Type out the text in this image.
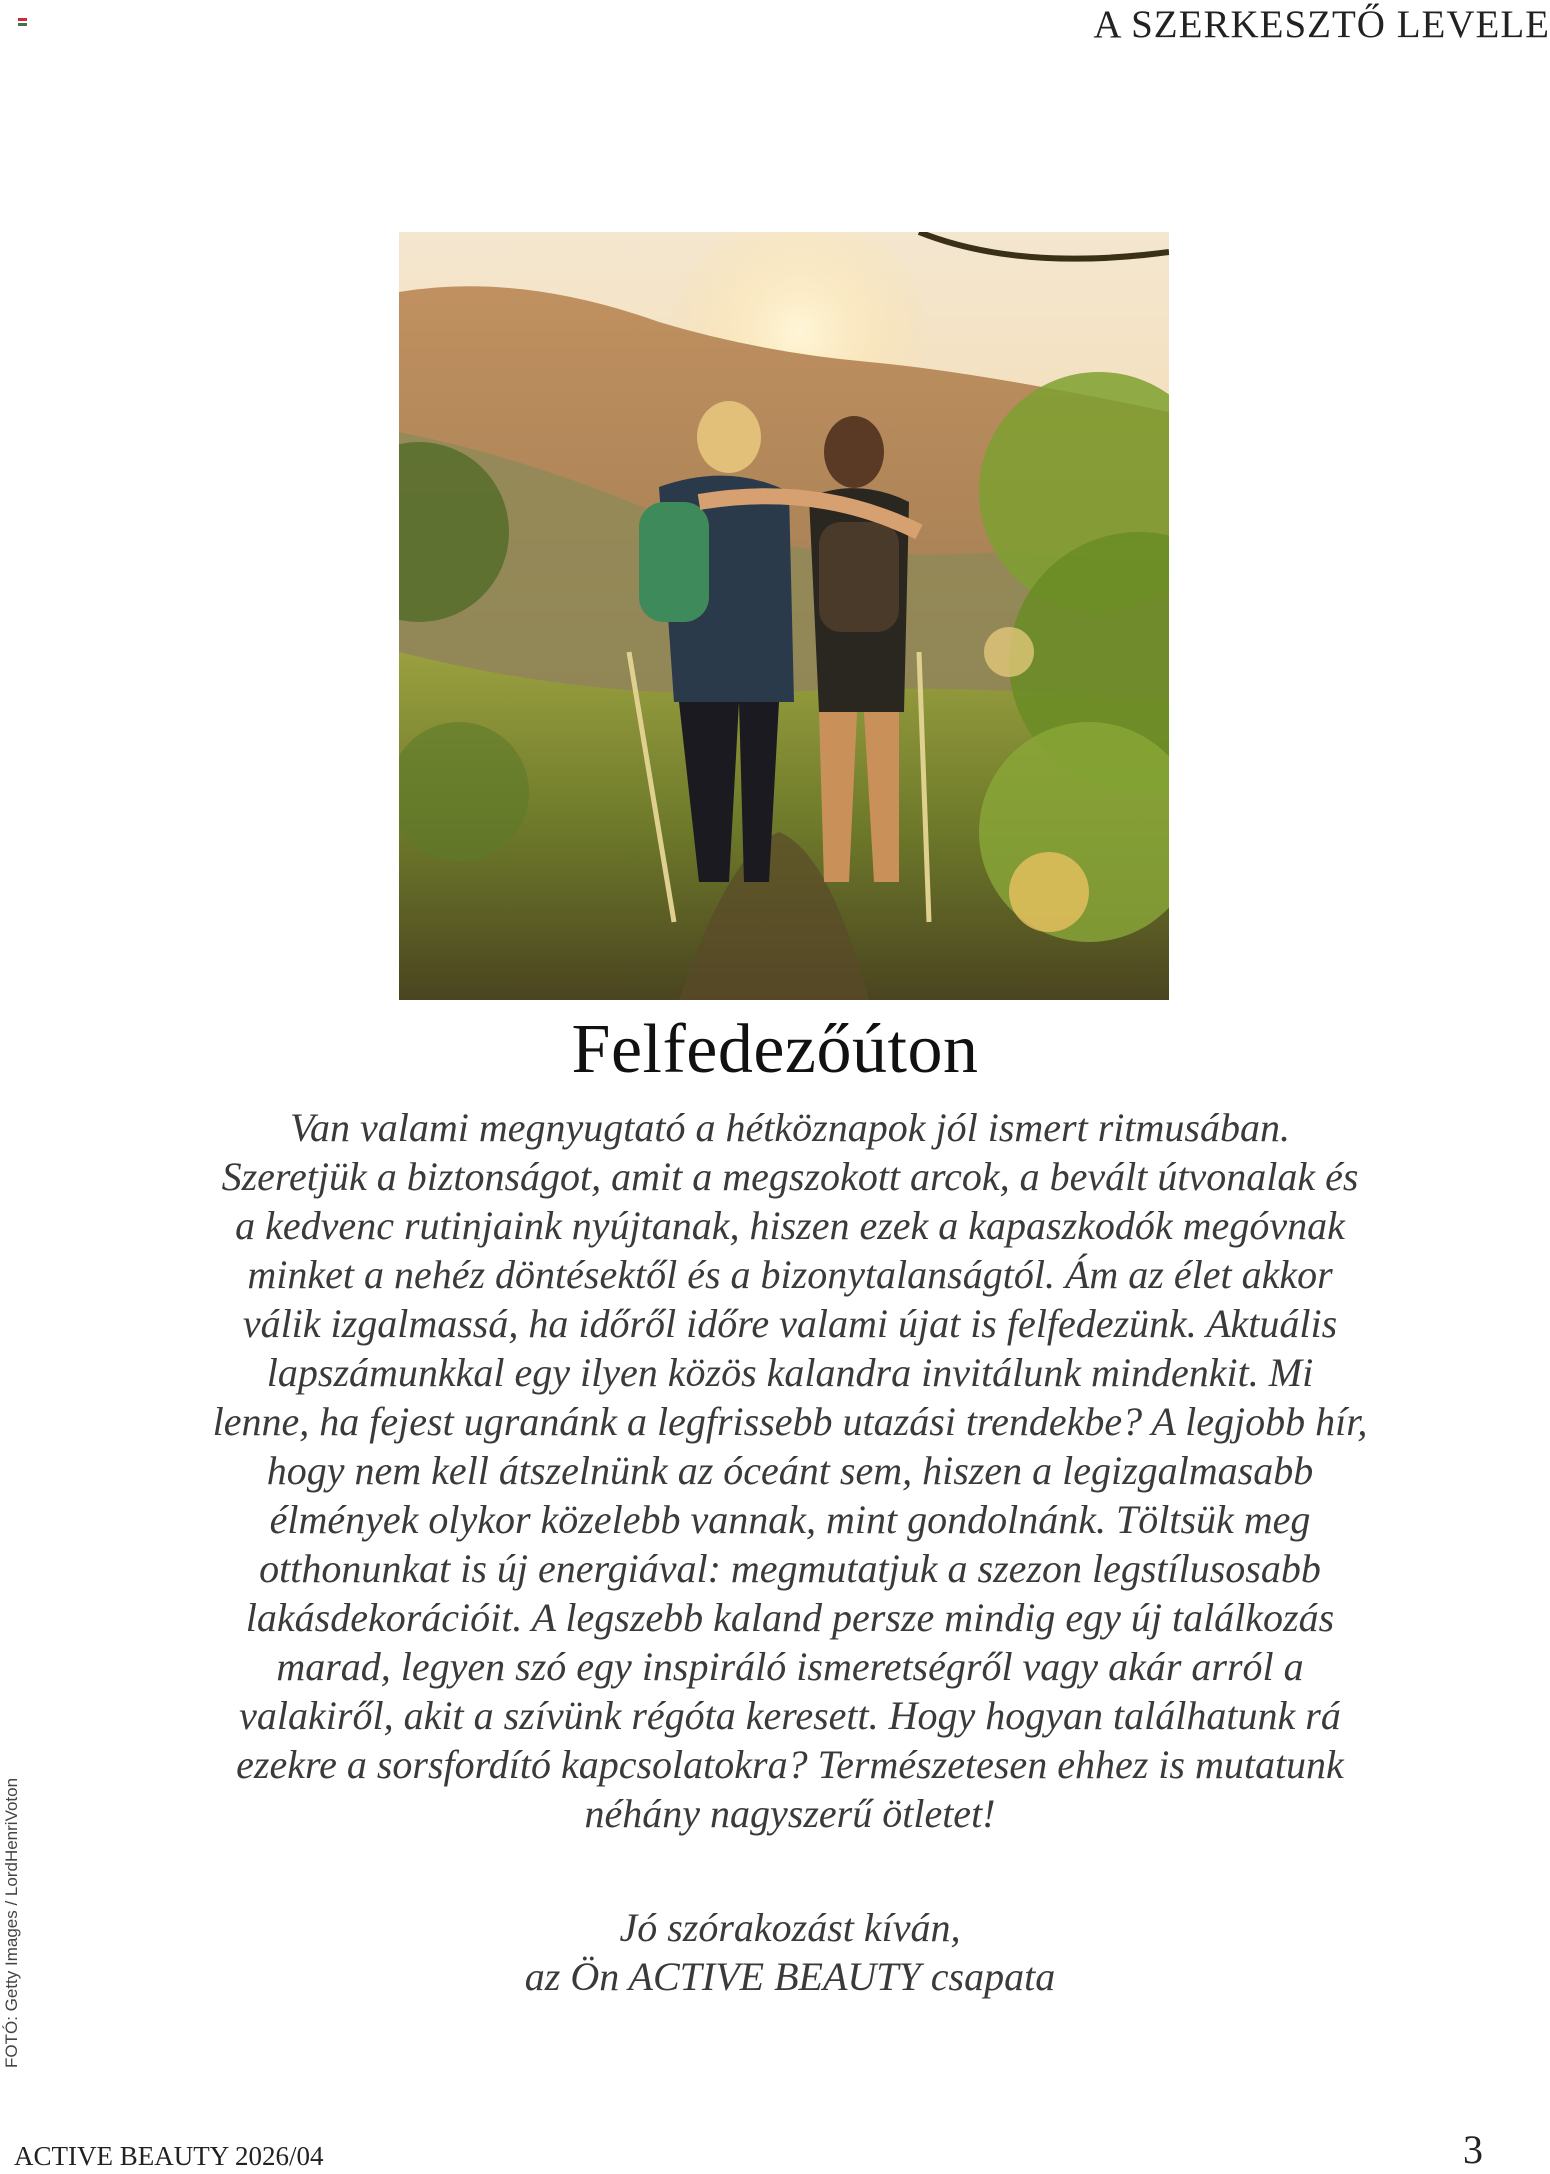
A SZERKESZTŐ LEVELE
Felfedezőúton
Van valami megnyugtató a hétköznapok jól ismert ritmusában.
Szeretjük a biztonságot, amit a megszokott arcok, a bevált útvonalak és
a kedvenc rutinjaink nyújtanak, hiszen ezek a kapaszkodók megóvnak
minket a nehéz döntésektől és a bizonytalanságtól. Ám az élet akkor
válik izgalmassá, ha időről időre valami újat is felfedezünk. Aktuális
lapszámunkkal egy ilyen közös kalandra invitálunk mindenkit. Mi
lenne, ha fejest ugranánk a legfrissebb utazási trendekbe? A legjobb hír,
hogy nem kell átszelnünk az óceánt sem, hiszen a legizgalmasabb
élmények olykor közelebb vannak, mint gondolnánk. Töltsük meg
otthonunkat is új energiával: megmutatjuk a szezon legstílusosabb
lakásdekorációit. A legszebb kaland persze mindig egy új találkozás
marad, legyen szó egy inspiráló ismeretségről vagy akár arról a
valakiről, akit a szívünk régóta keresett. Hogy hogyan találhatunk rá
ezekre a sorsfordító kapcsolatokra? Természetesen ehhez is mutatunk
néhány nagyszerű ötletet!
Jó szórakozást kíván,
az Ön ACTIVE BEAUTY csapata
FOTÓ: Getty Images / LordHenriVoton
ACTIVE BEAUTY 2026/04	3
